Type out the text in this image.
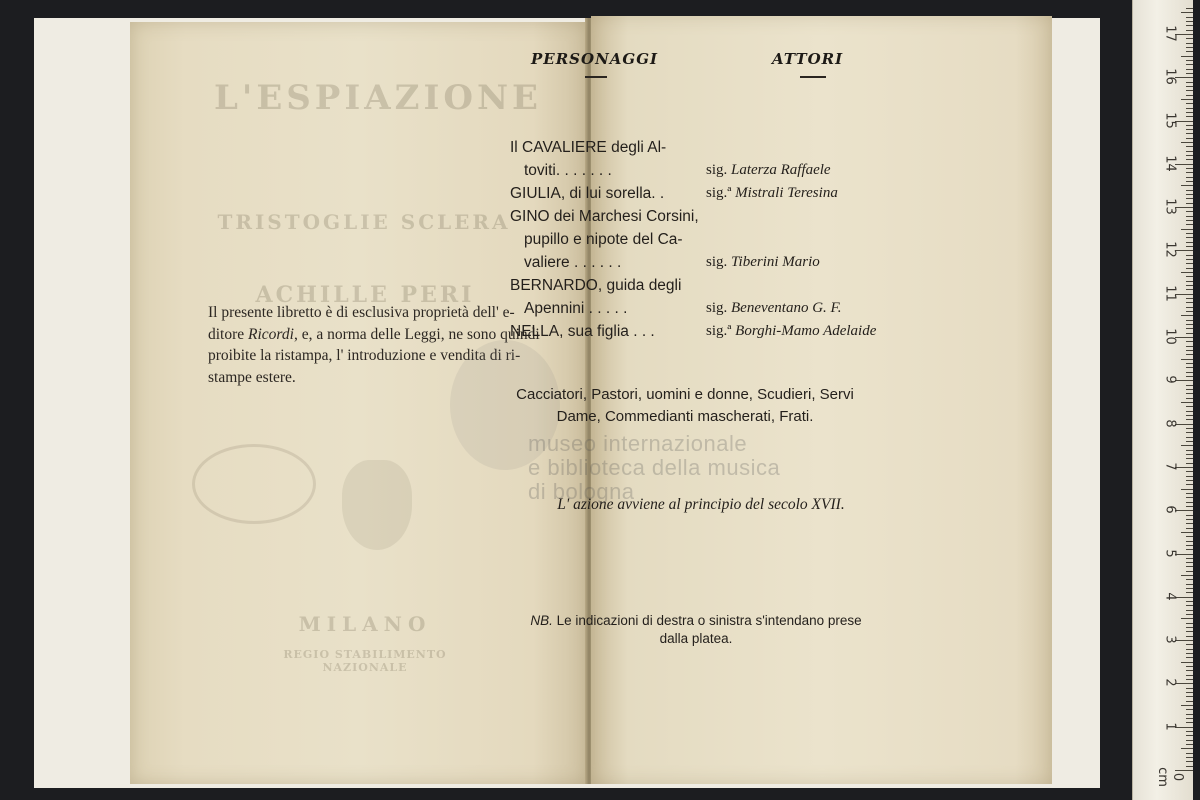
L'ESPIAZIONE
TRISTOGLIE SCLERA
ACHILLE PERI
MILANO
REGIO STABILIMENTO NAZIONALE
Il presente libretto è di esclusiva proprietà dell' e-
ditore Ricordi, e, a norma delle Leggi, ne sono quindi
proibite la ristampa, l' introduzione e vendita di ri-
stampe estere.
PERSONAGGI	ATTORI
Il CAVALIERE degli Al-
toviti. . . . . . .	sig. Laterza Raffaele
GIULIA, di lui sorella. .	sig.ª Mistrali Teresina
GINO dei Marchesi Corsini,
pupillo e nipote del Ca-
valiere . . . . . .	sig. Tiberini Mario
BERNARDO, guida degli
Apennini . . . . .	sig. Beneventano G. F.
NELLA, sua figlia . . .	sig.ª Borghi-Mamo Adelaide
Cacciatori, Pastori, uomini e donne, Scudieri, Servi
Dame, Commedianti mascherati, Frati.
museo internazionale
e biblioteca della musica
di bologna
L' azione avviene al principio del secolo XVII.
NB. Le indicazioni di destra o sinistra s'intendano prese
dalla platea.
0 cm
1
2
3
4
5
6
7
8
9
10
11
12
13
14
15
16
17
